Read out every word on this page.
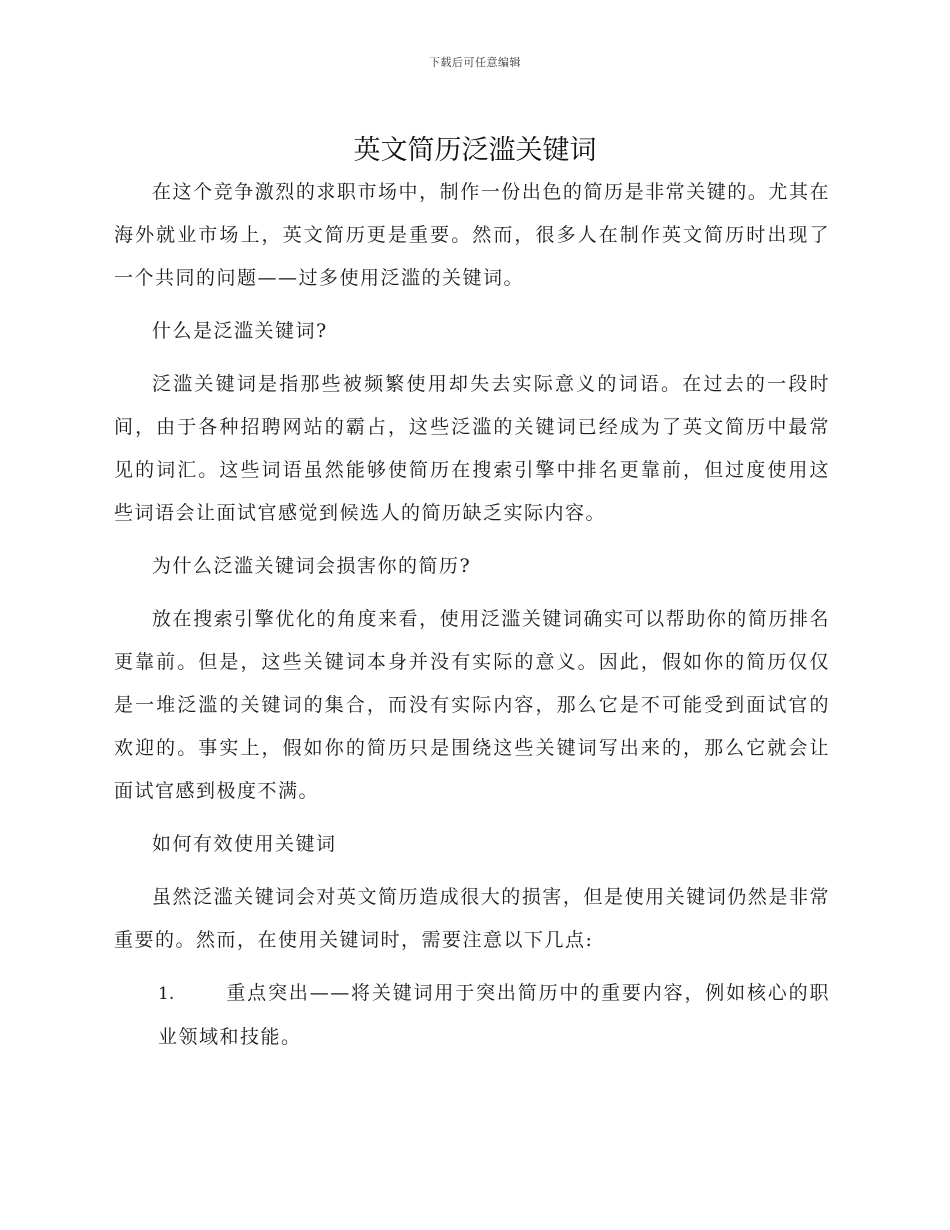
下载后可任意编辑
英文简历泛滥关键词

在这个竞争激烈的求职市场中，制作一份出色的简历是非常关键的。尤其在海外就业市场上，英文简历更是重要。然而，很多人在制作英文简历时出现了一个共同的问题——过多使用泛滥的关键词。

什么是泛滥关键词?

泛滥关键词是指那些被频繁使用却失去实际意义的词语。在过去的一段时间，由于各种招聘网站的霸占，这些泛滥的关键词已经成为了英文简历中最常见的词汇。这些词语虽然能够使简历在搜索引擎中排名更靠前，但过度使用这些词语会让面试官感觉到候选人的简历缺乏实际内容。

为什么泛滥关键词会损害你的简历?

放在搜索引擎优化的角度来看，使用泛滥关键词确实可以帮助你的简历排名更靠前。但是，这些关键词本身并没有实际的意义。因此，假如你的简历仅仅是一堆泛滥的关键词的集合，而没有实际内容，那么它是不可能受到面试官的欢迎的。事实上，假如你的简历只是围绕这些关键词写出来的，那么它就会让面试官感到极度不满。

如何有效使用关键词

虽然泛滥关键词会对英文简历造成很大的损害，但是使用关键词仍然是非常重要的。然而，在使用关键词时，需要注意以下几点:

1.	重点突出——将关键词用于突出简历中的重要内容，例如核心的职业领域和技能。
